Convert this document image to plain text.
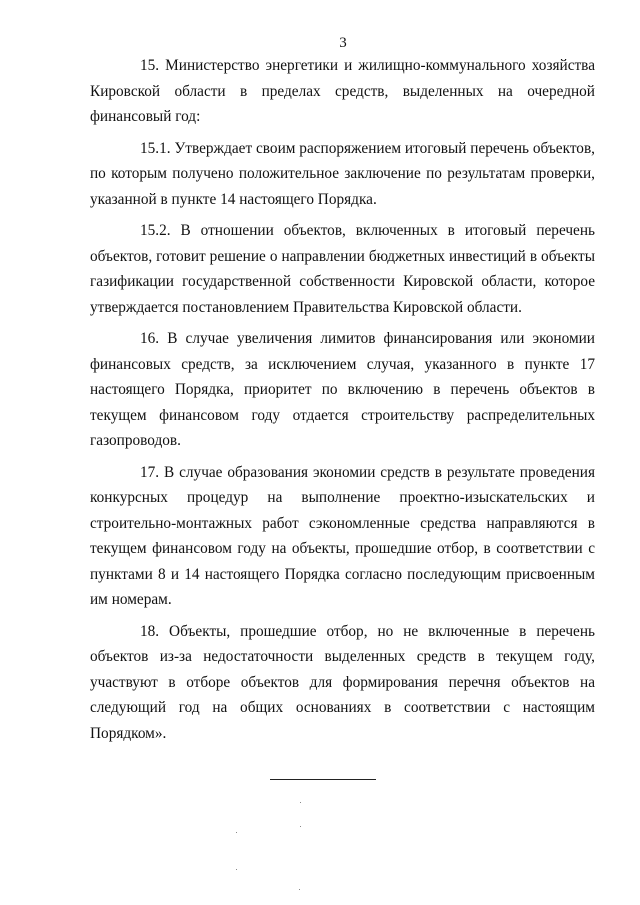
3

15. Министерство энергетики и жилищно-коммунального хозяйства Кировской области в пределах средств, выделенных на очередной финансовый год:

15.1. Утверждает своим распоряжением итоговый перечень объектов, по которым получено положительное заключение по результатам проверки, указанной в пункте 14 настоящего Порядка.

15.2. В отношении объектов, включенных в итоговый перечень объектов, готовит решение о направлении бюджетных инвестиций в объекты газификации государственной собственности Кировской области, которое утверждается постановлением Правительства Кировской области.

16. В случае увеличения лимитов финансирования или экономии финансовых средств, за исключением случая, указанного в пункте 17 настоящего Порядка, приоритет по включению в перечень объектов в текущем финансовом году отдается строительству распределительных газопроводов.

17. В случае образования экономии средств в результате проведения конкурсных процедур на выполнение проектно-изыскательских и строительно-монтажных работ сэкономленные средства направляются в текущем финансовом году на объекты, прошедшие отбор, в соответствии с пунктами 8 и 14 настоящего Порядка согласно последующим присвоенным им номерам.

18. Объекты, прошедшие отбор, но не включенные в перечень объектов из-за недостаточности выделенных средств в текущем году, участвуют в отборе объектов для формирования перечня объектов на следующий год на общих основаниях в соответствии с настоящим Порядком».
